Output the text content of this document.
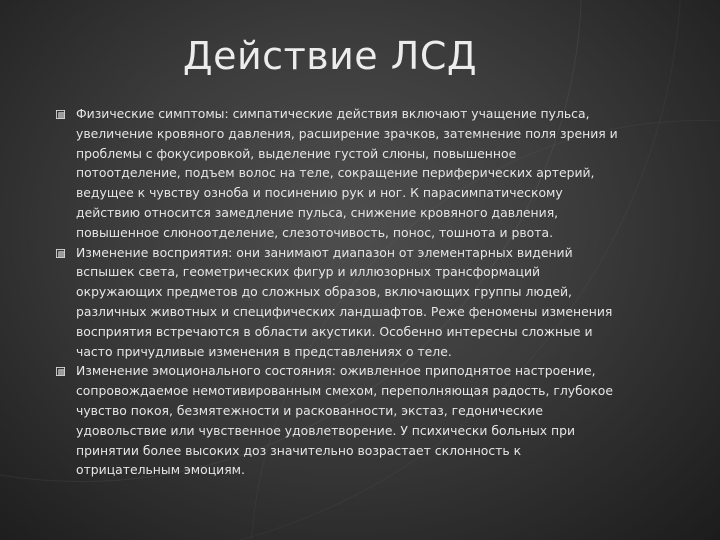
Действие ЛСД
Физические симптомы: симпатические действия включают учащение пульса, увеличение кровяного давления, расширение зрачков, затемнение поля зрения и проблемы с фокусировкой, выделение густой слюны, повышенное потоотделение, подъем волос на теле, сокращение периферических артерий, ведущее к чувству озноба и посинению рук и ног. К парасимпатическому действию относится замедление пульса, снижение кровяного давления, повышенное слюноотделение, слезоточивость, понос, тошнота и рвота.
Изменение восприятия: они занимают диапазон от элементарных видений вспышек света, геометрических фигур и иллюзорных трансформаций окружающих предметов до сложных образов, включающих группы людей, различных животных и специфических ландшафтов. Реже феномены изменения восприятия встречаются в области акустики. Особенно интересны сложные и часто причудливые изменения в представлениях о теле.
Изменение эмоционального состояния: оживленное приподнятое настроение, сопровождаемое немотивированным смехом, переполняющая радость, глубокое чувство покоя, безмятежности и раскованности, экстаз, гедонические удовольствие или чувственное удовлетворение. У психически больных при принятии более высоких доз значительно возрастает склонность к отрицательным эмоциям.
